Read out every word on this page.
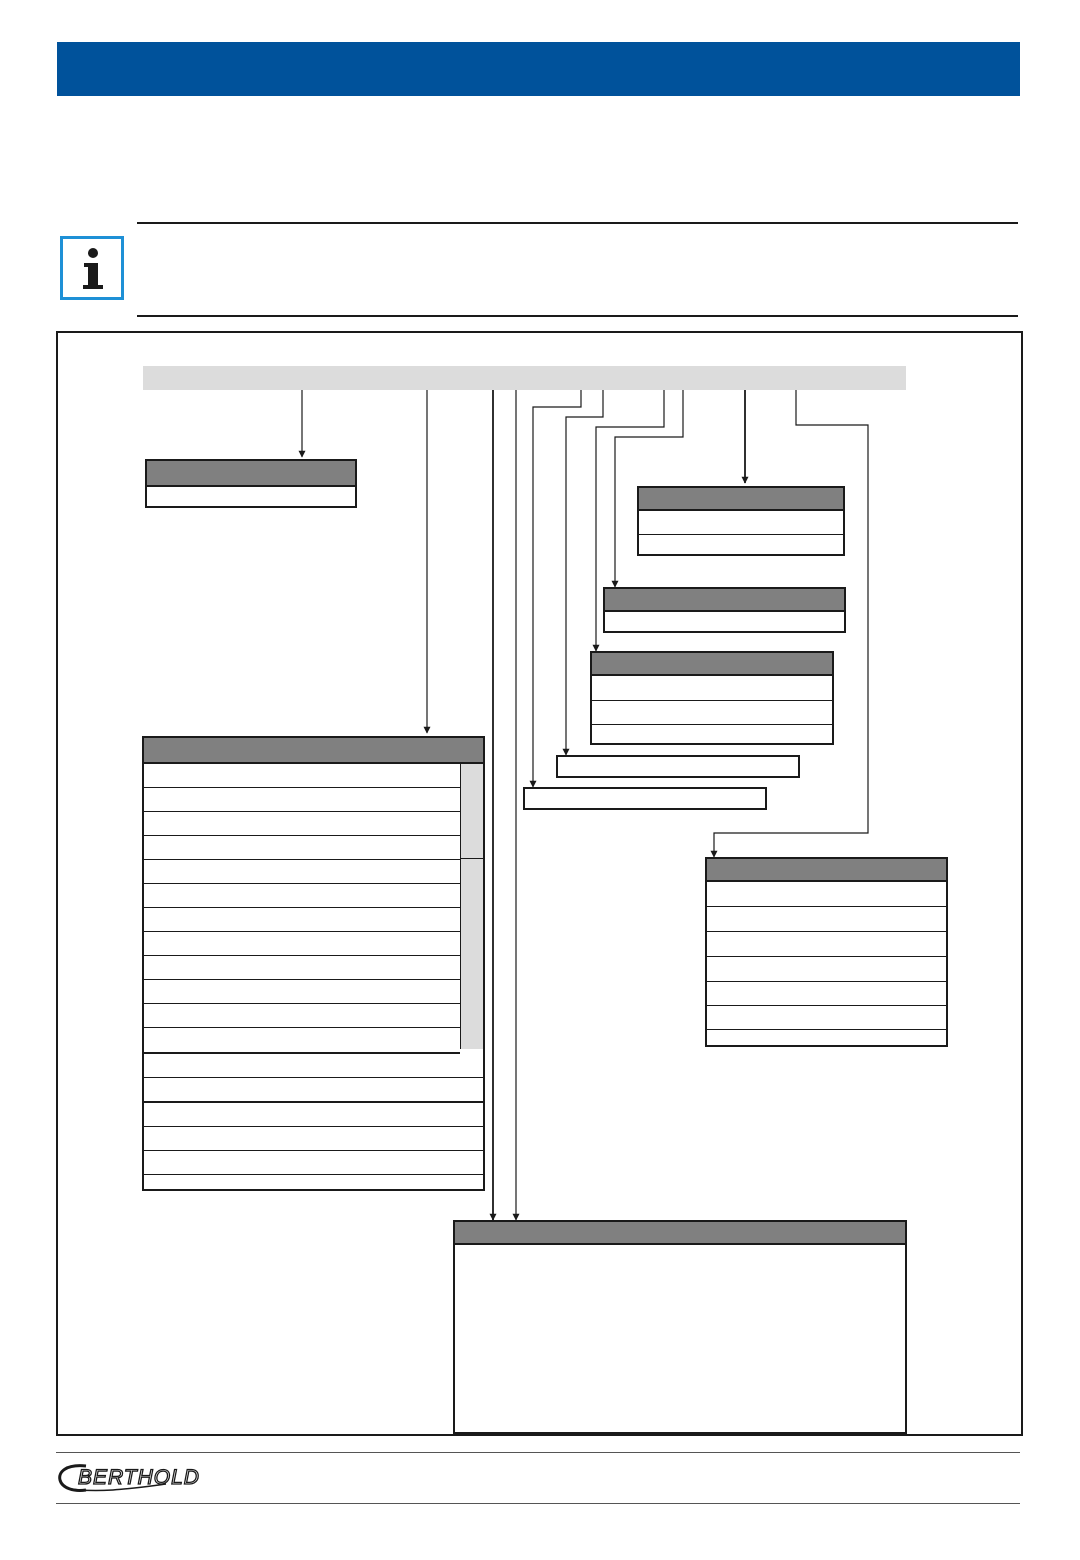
BERTHOLD
